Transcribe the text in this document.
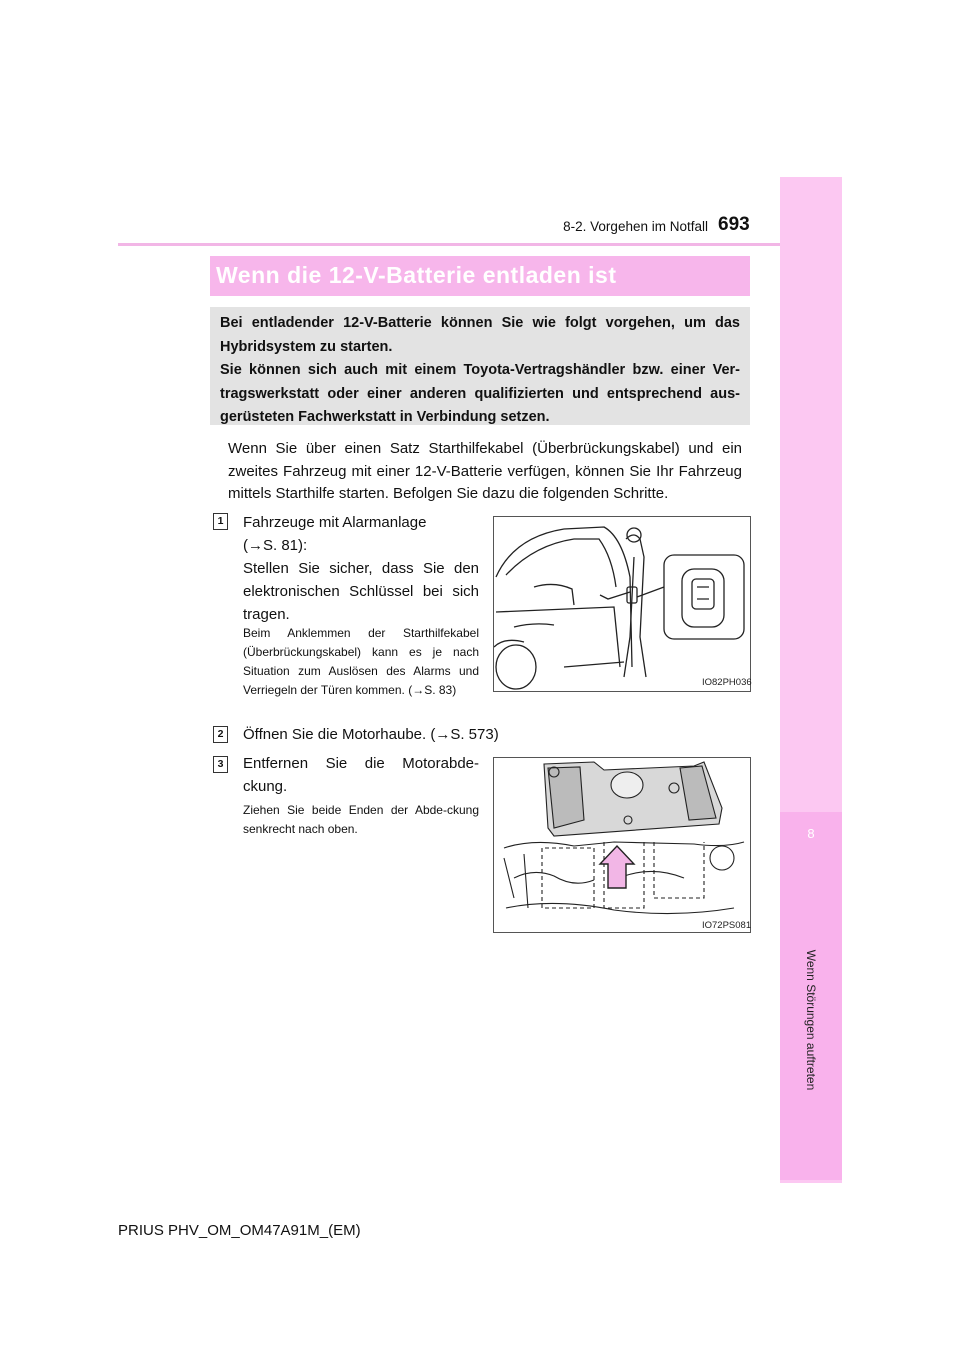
8-2. Vorgehen im Notfall 693
8
Wenn Störungen auftreten
Wenn die 12-V-Batterie entladen ist

Bei entladender 12-V-Batterie können Sie wie folgt vorgehen, um das Hybridsystem zu starten.

Sie können sich auch mit einem Toyota-Vertragshändler bzw. einer Ver-tragswerkstatt oder einer anderen qualifizierten und entsprechend aus-gerüsteten Fachwerkstatt in Verbindung setzen.

Wenn Sie über einen Satz Starthilfekabel (Überbrückungskabel) und ein zweites Fahrzeug mit einer 12-V-Batterie verfügen, können Sie Ihr Fahrzeug mittels Starthilfe starten. Befolgen Sie dazu die folgenden Schritte.
1	Fahrzeuge mit Alarmanlage
(→S. 81):
Stellen Sie sicher, dass Sie den elektronischen Schlüssel bei sich tragen.
Beim Anklemmen der Starthilfekabel (Überbrückungskabel) kann es je nach Situation zum Auslösen des Alarms und Verriegeln der Türen kommen. (→S. 83)
IO82PH036
2	Öffnen Sie die Motorhaube. (→S. 573)
3	Entfernen Sie die Motorabde-ckung.
Ziehen Sie beide Enden der Abde-ckung senkrecht nach oben.
IO72PS081
PRIUS PHV_OM_OM47A91M_(EM)
